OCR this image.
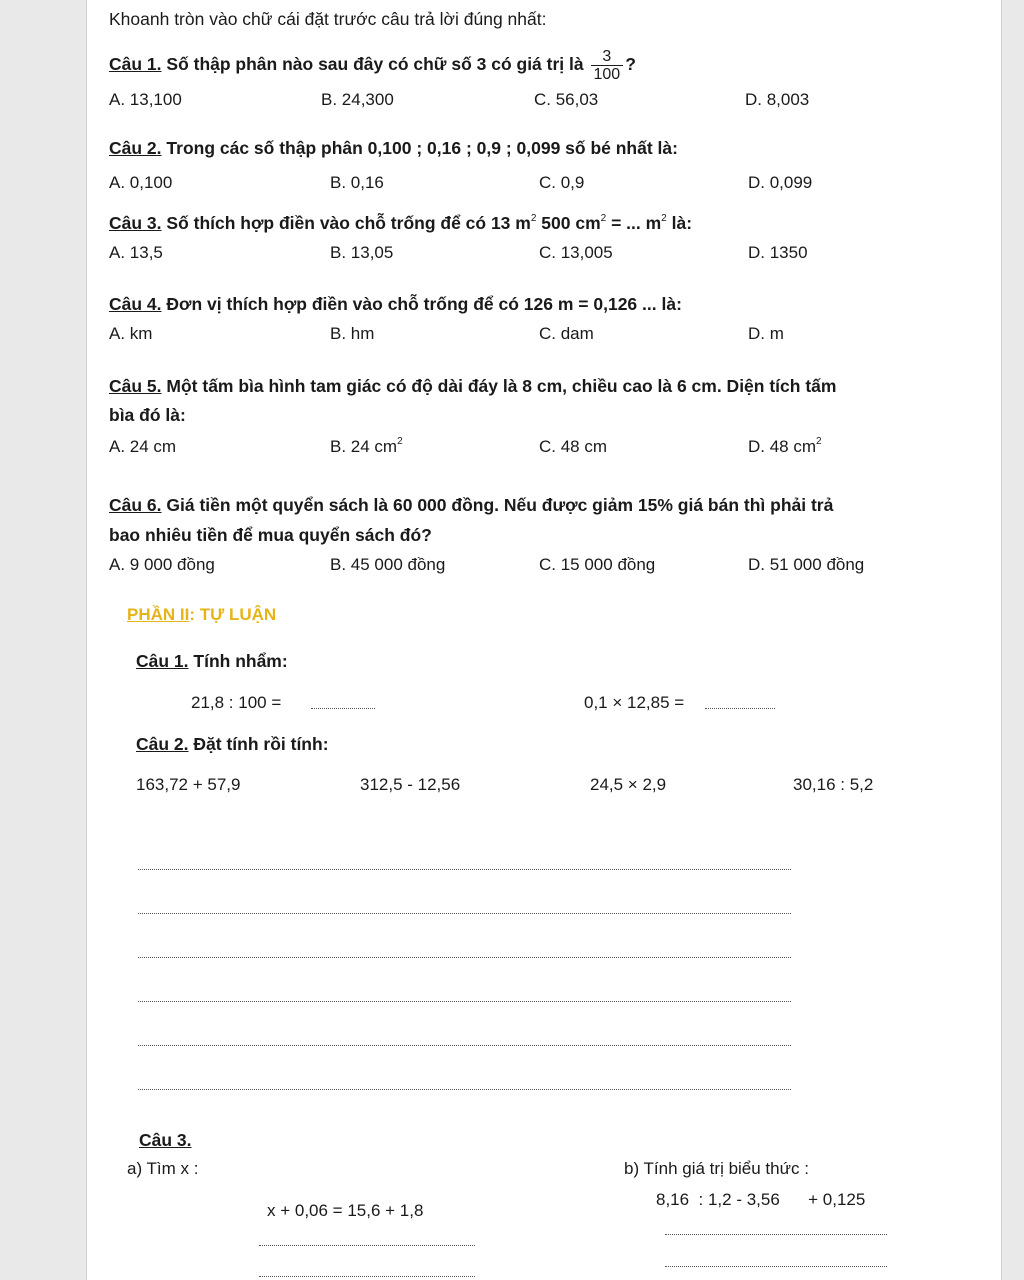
Khoanh tròn vào chữ cái đặt trước câu trả lời đúng nhất:
Câu 1. Số thập phân nào sau đây có chữ số 3 có giá trị là $\frac{3}{100}$ ?
A. 13,100	B. 24,300	C. 56,03	D. 8,003
Câu 2. Trong các số thập phân 0,100 ; 0,16 ; 0,9 ; 0,099 số bé nhất là:
A. 0,100	B. 0,16	C. 0,9	D. 0,099
Câu 3. Số thích hợp điền vào chỗ trống để có 13 $m^2$ 500 $cm^2$ = ... $m^2$ là:
A. 13,5	B. 13,05	C. 13,005	D. 1350
Câu 4. Đơn vị thích hợp điền vào chỗ trống để có 126 m = 0,126 ... là:
A. km	B. hm	C. dam	D. m
Câu 5. Một tấm bìa hình tam giác có độ dài đáy là 8 cm, chiều cao là 6 cm. Diện tích tấm
bìa đó là:
A. 24 cm	B. 24 $cm^2$	C. 48 cm	D. 48 $cm^2$
Câu 6. Giá tiền một quyển sách là 60 000 đồng. Nếu được giảm 15% giá bán thì phải trả
bao nhiêu tiền để mua quyển sách đó?
A. 9 000 đồng	B. 45 000 đồng	C. 15 000 đồng	D. 51 000 đồng
PHẦN II: TỰ LUẬN
Câu 1. Tính nhẩm:
21,8 : 100 =	0,1 × 12,85 =
Câu 2. Đặt tính rồi tính:
163,72 + 57,9	312,5 - 12,56	24,5 × 2,9	30,16 : 5,2
Câu 3.
a) Tìm x :
x + 0,06 = 15,6 + 1,8
b) Tính giá trị biểu thức :
8,16  : 1,2 - 3,56      + 0,125
